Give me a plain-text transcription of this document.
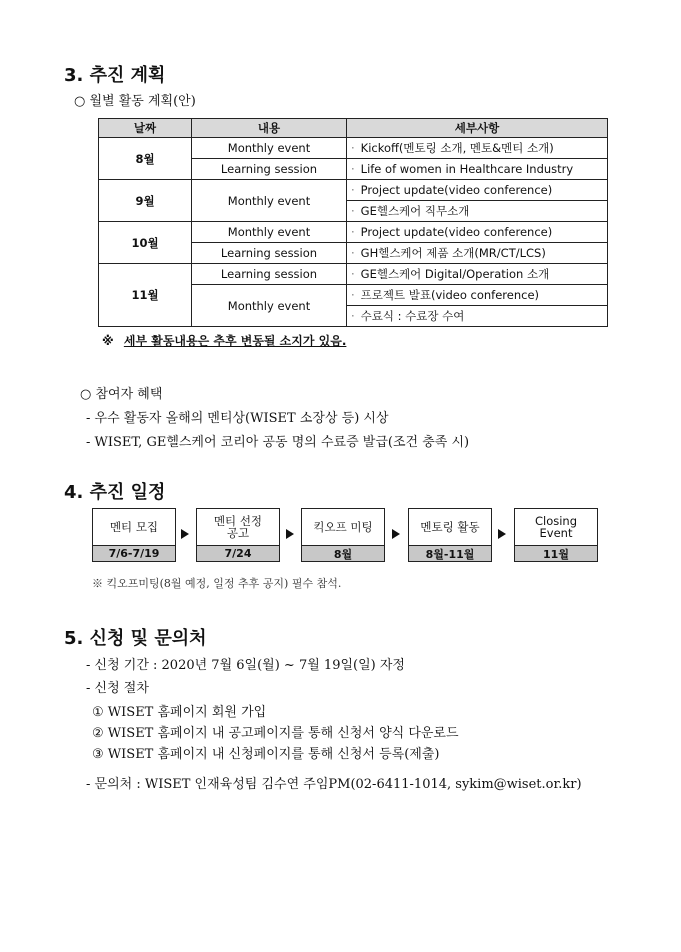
3. 추진 계획
○ 월별 활동 계획(안)
날짜	내용	세부사항
8월	Monthly event	· Kickoff(멘토링 소개, 멘토&멘티 소개)
	Learning session	· Life of women in Healthcare Industry
9월	Monthly event	· Project update(video conference)
		· GE헬스케어 직무소개
10월	Monthly event	· Project update(video conference)
	Learning session	· GH헬스케어 제품 소개(MR/CT/LCS)
11월	Learning session	· GE헬스케어 Digital/Operation 소개
	Monthly event	· 프로젝트 발표(video conference)
		· 수료식 : 수료장 수여
※ 세부 활동내용은 추후 변동될 소지가 있음.
○ 참여자 혜택
- 우수 활동자 올해의 멘티상(WISET 소장상 등) 시상
- WISET, GE헬스케어 코리아 공동 명의 수료증 발급(조건 충족 시)
4. 추진 일정
멘티 모집
7/6-7/19
멘티 선정
공고
7/24
킥오프 미팅
8월
멘토링 활동
8월-11월
Closing
Event
11월
※ 킥오프미팅(8월 예정, 일정 추후 공지) 필수 참석.
5. 신청 및 문의처
- 신청 기간 : 2020년 7월 6일(월) ~ 7월 19일(일) 자정
- 신청 절차
① WISET 홈페이지 회원 가입
② WISET 홈페이지 내 공고페이지를 통해 신청서 양식 다운로드
③ WISET 홈페이지 내 신청페이지를 통해 신청서 등록(제출)
- 문의처 : WISET 인재육성팀 김수연 주임PM(02-6411-1014, sykim@wiset.or.kr)
